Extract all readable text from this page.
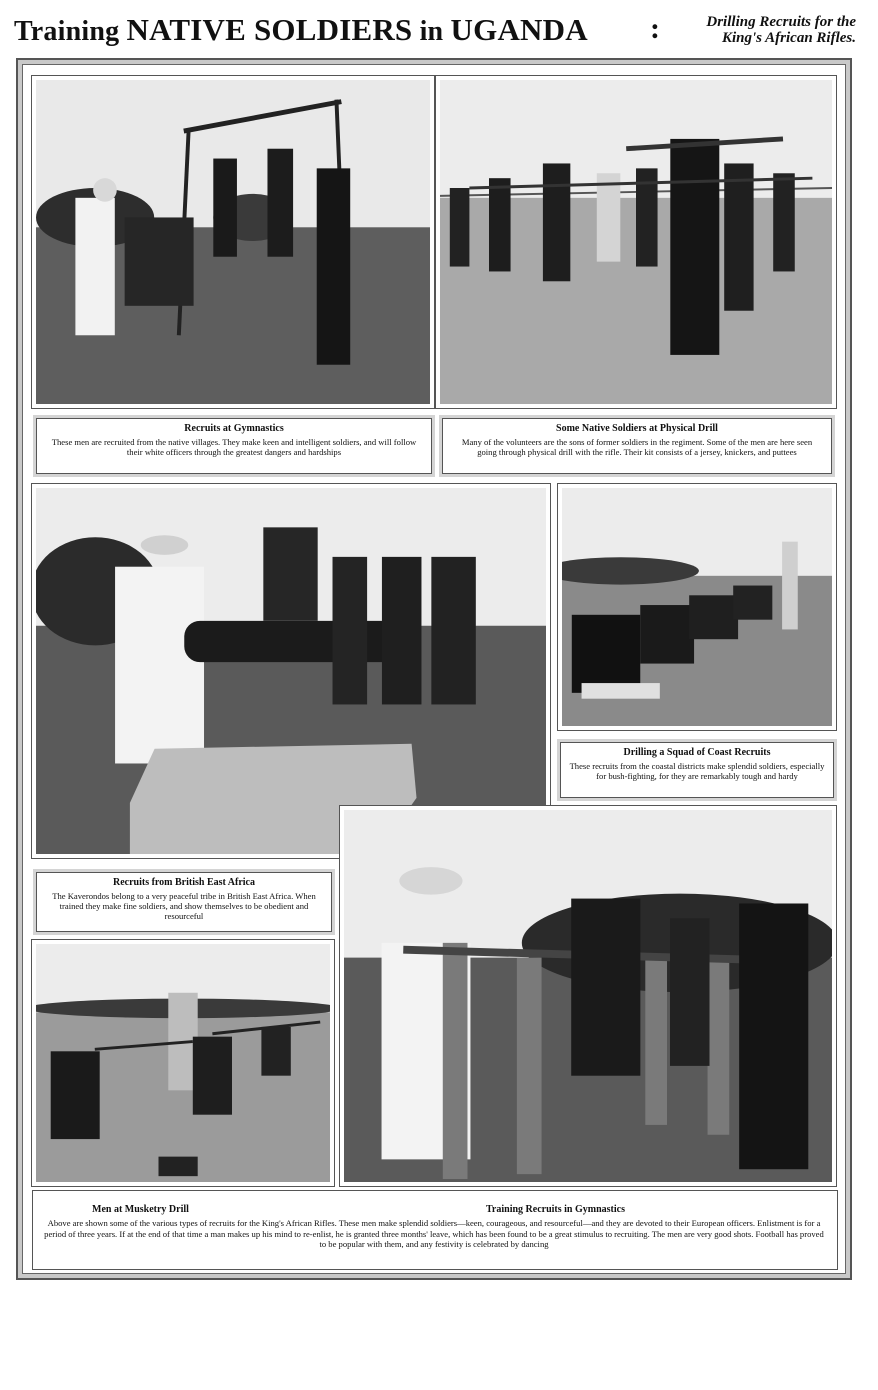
Training NATIVE SOLDIERS in UGANDA :	Drilling Recruits for the
King's African Rifles.
Recruits at Gymnastics
These men are recruited from the native villages. They make keen and intelligent soldiers, and will follow their white officers through the greatest dangers and hardships
Some Native Soldiers at Physical Drill
Many of the volunteers are the sons of former soldiers in the regiment. Some of the men are here seen going through physical drill with the rifle. Their kit consists of a jersey, knickers, and puttees
Drilling a Squad of Coast Recruits
These recruits from the coastal districts make splendid soldiers, especially for bush-fighting, for they are remarkably tough and hardy
Recruits from British East Africa
The Kaverondos belong to a very peaceful tribe in British East Africa. When trained they make fine soldiers, and show themselves to be obedient and resourceful
Men at Musketry Drill	Training Recruits in Gymnastics
Above are shown some of the various types of recruits for the King's African Rifles. These men make splendid soldiers—keen, courageous, and resourceful—and they are devoted to their European officers. Enlistment is for a period of three years. If at the end of that time a man makes up his mind to re-enlist, he is granted three months' leave, which has been found to be a great stimulus to recruiting. The men are very good shots. Football has proved to be popular with them, and any festivity is celebrated by dancing
